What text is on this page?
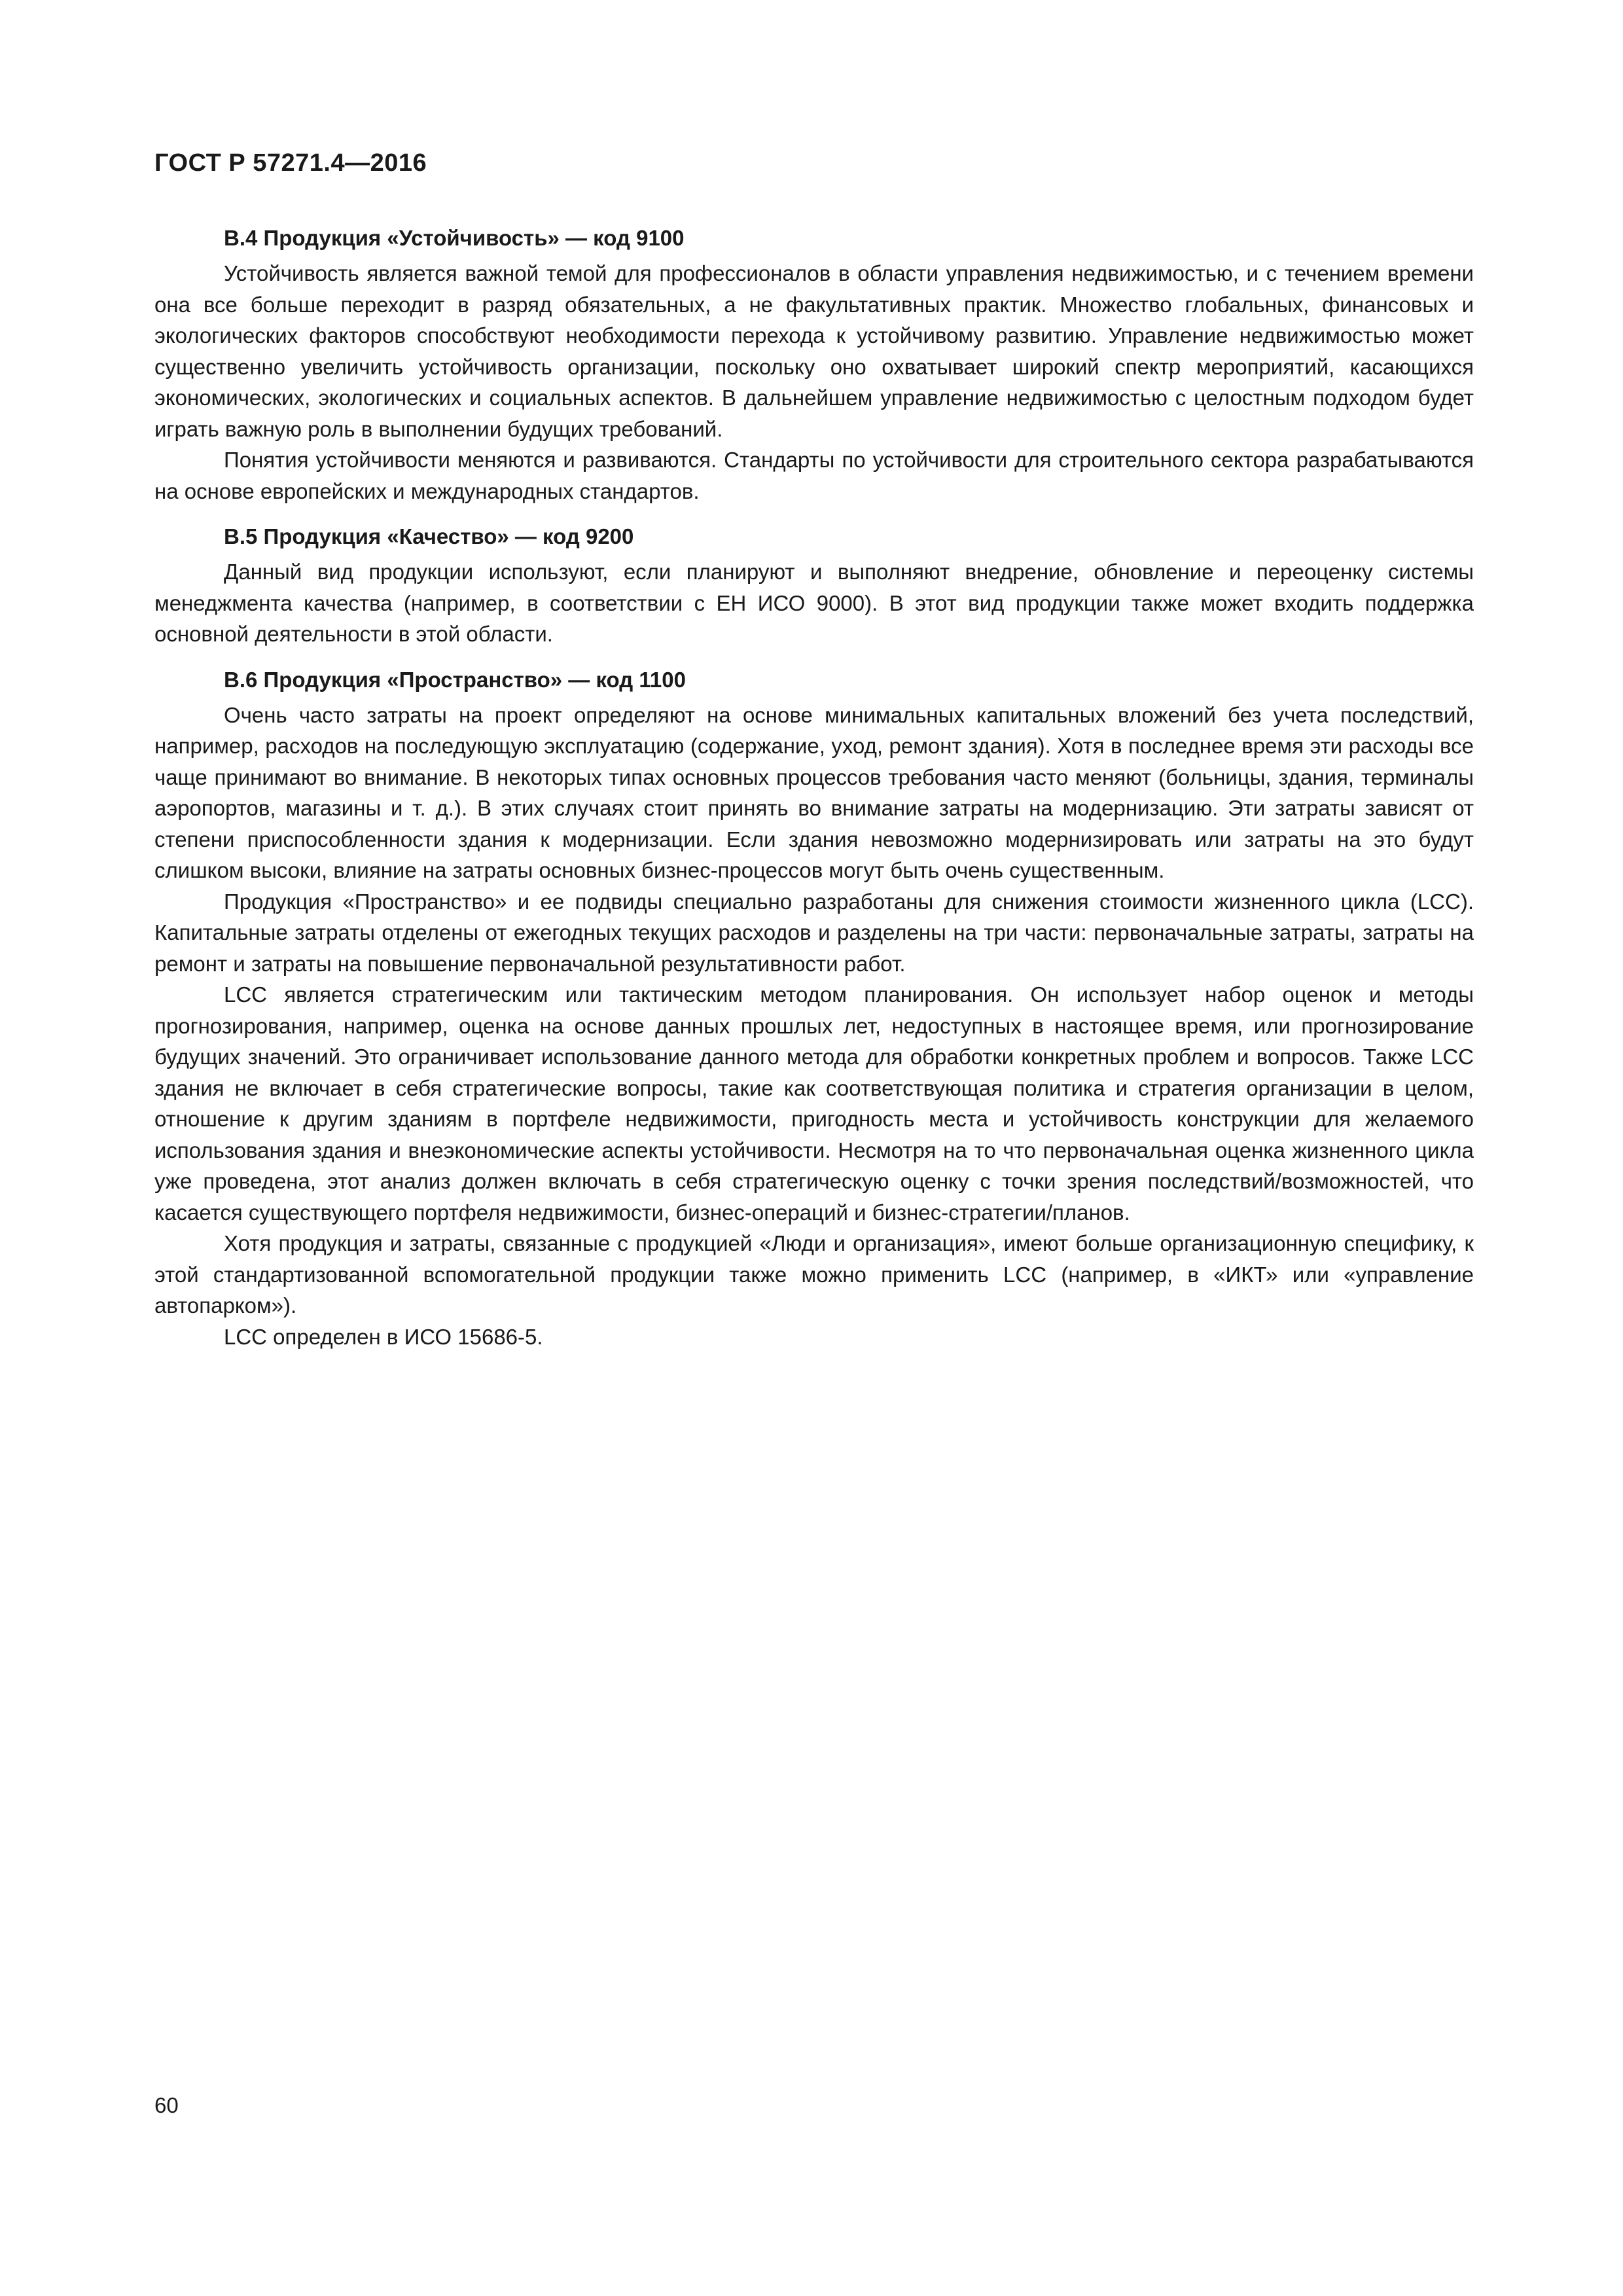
ГОСТ Р 57271.4—2016
В.4 Продукция «Устойчивость» — код 9100

Устойчивость является важной темой для профессионалов в области управления недвижимостью, и с течением времени она все больше переходит в разряд обязательных, а не факультативных практик. Множество глобальных, финансовых и экологических факторов способствуют необходимости перехода к устойчивому развитию. Управление недвижимостью может существенно увеличить устойчивость организации, поскольку оно охватывает широкий спектр мероприятий, касающихся экономических, экологических и социальных аспектов. В дальнейшем управление недвижимостью с целостным подходом будет играть важную роль в выполнении будущих требований.

Понятия устойчивости меняются и развиваются. Стандарты по устойчивости для строительного сектора разрабатываются на основе европейских и международных стандартов.

В.5 Продукция «Качество» — код 9200

Данный вид продукции используют, если планируют и выполняют внедрение, обновление и переоценку системы менеджмента качества (например, в соответствии с ЕН ИСО 9000). В этот вид продукции также может входить поддержка основной деятельности в этой области.

В.6 Продукция «Пространство» — код 1100

Очень часто затраты на проект определяют на основе минимальных капитальных вложений без учета последствий, например, расходов на последующую эксплуатацию (содержание, уход, ремонт здания). Хотя в последнее время эти расходы все чаще принимают во внимание. В некоторых типах основных процессов требования часто меняют (больницы, здания, терминалы аэропортов, магазины и т. д.). В этих случаях стоит принять во внимание затраты на модернизацию. Эти затраты зависят от степени приспособленности здания к модернизации. Если здания невозможно модернизировать или затраты на это будут слишком высоки, влияние на затраты основных бизнес-процессов могут быть очень существенным.

Продукция «Пространство» и ее подвиды специально разработаны для снижения стоимости жизненного цикла (LCC). Капитальные затраты отделены от ежегодных текущих расходов и разделены на три части: первоначальные затраты, затраты на ремонт и затраты на повышение первоначальной результативности работ.

LCC является стратегическим или тактическим методом планирования. Он использует набор оценок и методы прогнозирования, например, оценка на основе данных прошлых лет, недоступных в настоящее время, или прогнозирование будущих значений. Это ограничивает использование данного метода для обработки конкретных проблем и вопросов. Также LCC здания не включает в себя стратегические вопросы, такие как соответствующая политика и стратегия организации в целом, отношение к другим зданиям в портфеле недвижимости, пригодность места и устойчивость конструкции для желаемого использования здания и внеэкономические аспекты устойчивости. Несмотря на то что первоначальная оценка жизненного цикла уже проведена, этот анализ должен включать в себя стратегическую оценку с точки зрения последствий/возможностей, что касается существующего портфеля недвижимости, бизнес-операций и бизнес-стратегии/планов.

Хотя продукция и затраты, связанные с продукцией «Люди и организация», имеют больше организационную специфику, к этой стандартизованной вспомогательной продукции также можно применить LCC (например, в «ИКТ» или «управление автопарком»).

LCC определен в ИСО 15686-5.

60
